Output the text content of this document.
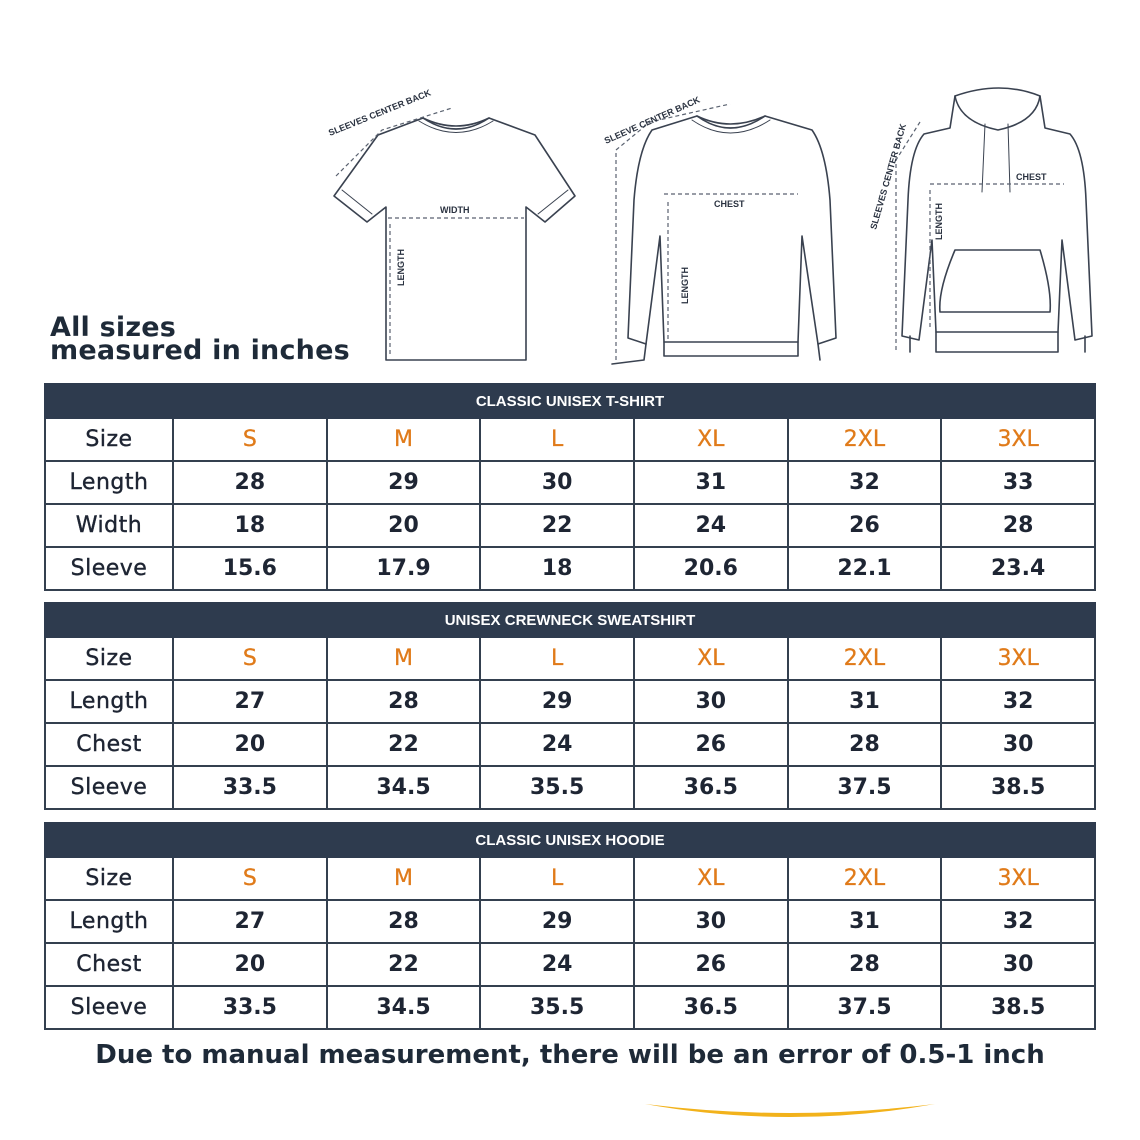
SLEEVES CENTER BACK
WIDTH
LENGTH
SLEEVE CENTER BACK
CHEST
LENGTH
SLEEVES CENTER BACK	CHEST
LENGTH
All sizes
measured in inches
CLASSIC UNISEX T-SHIRT						
Size	S	M	L	XL	2XL	3XL
Length	28	29	30	31	32	33
Width	18	20	22	24	26	28
Sleeve	15.6	17.9	18	20.6	22.1	23.4
UNISEX CREWNECK SWEATSHIRT						
Size	S	M	L	XL	2XL	3XL
Length	27	28	29	30	31	32
Chest	20	22	24	26	28	30
Sleeve	33.5	34.5	35.5	36.5	37.5	38.5
CLASSIC UNISEX HOODIE						
Size	S	M	L	XL	2XL	3XL
Length	27	28	29	30	31	32
Chest	20	22	24	26	28	30
Sleeve	33.5	34.5	35.5	36.5	37.5	38.5

Due to manual measurement, there will be an error of 0.5-1 inch
